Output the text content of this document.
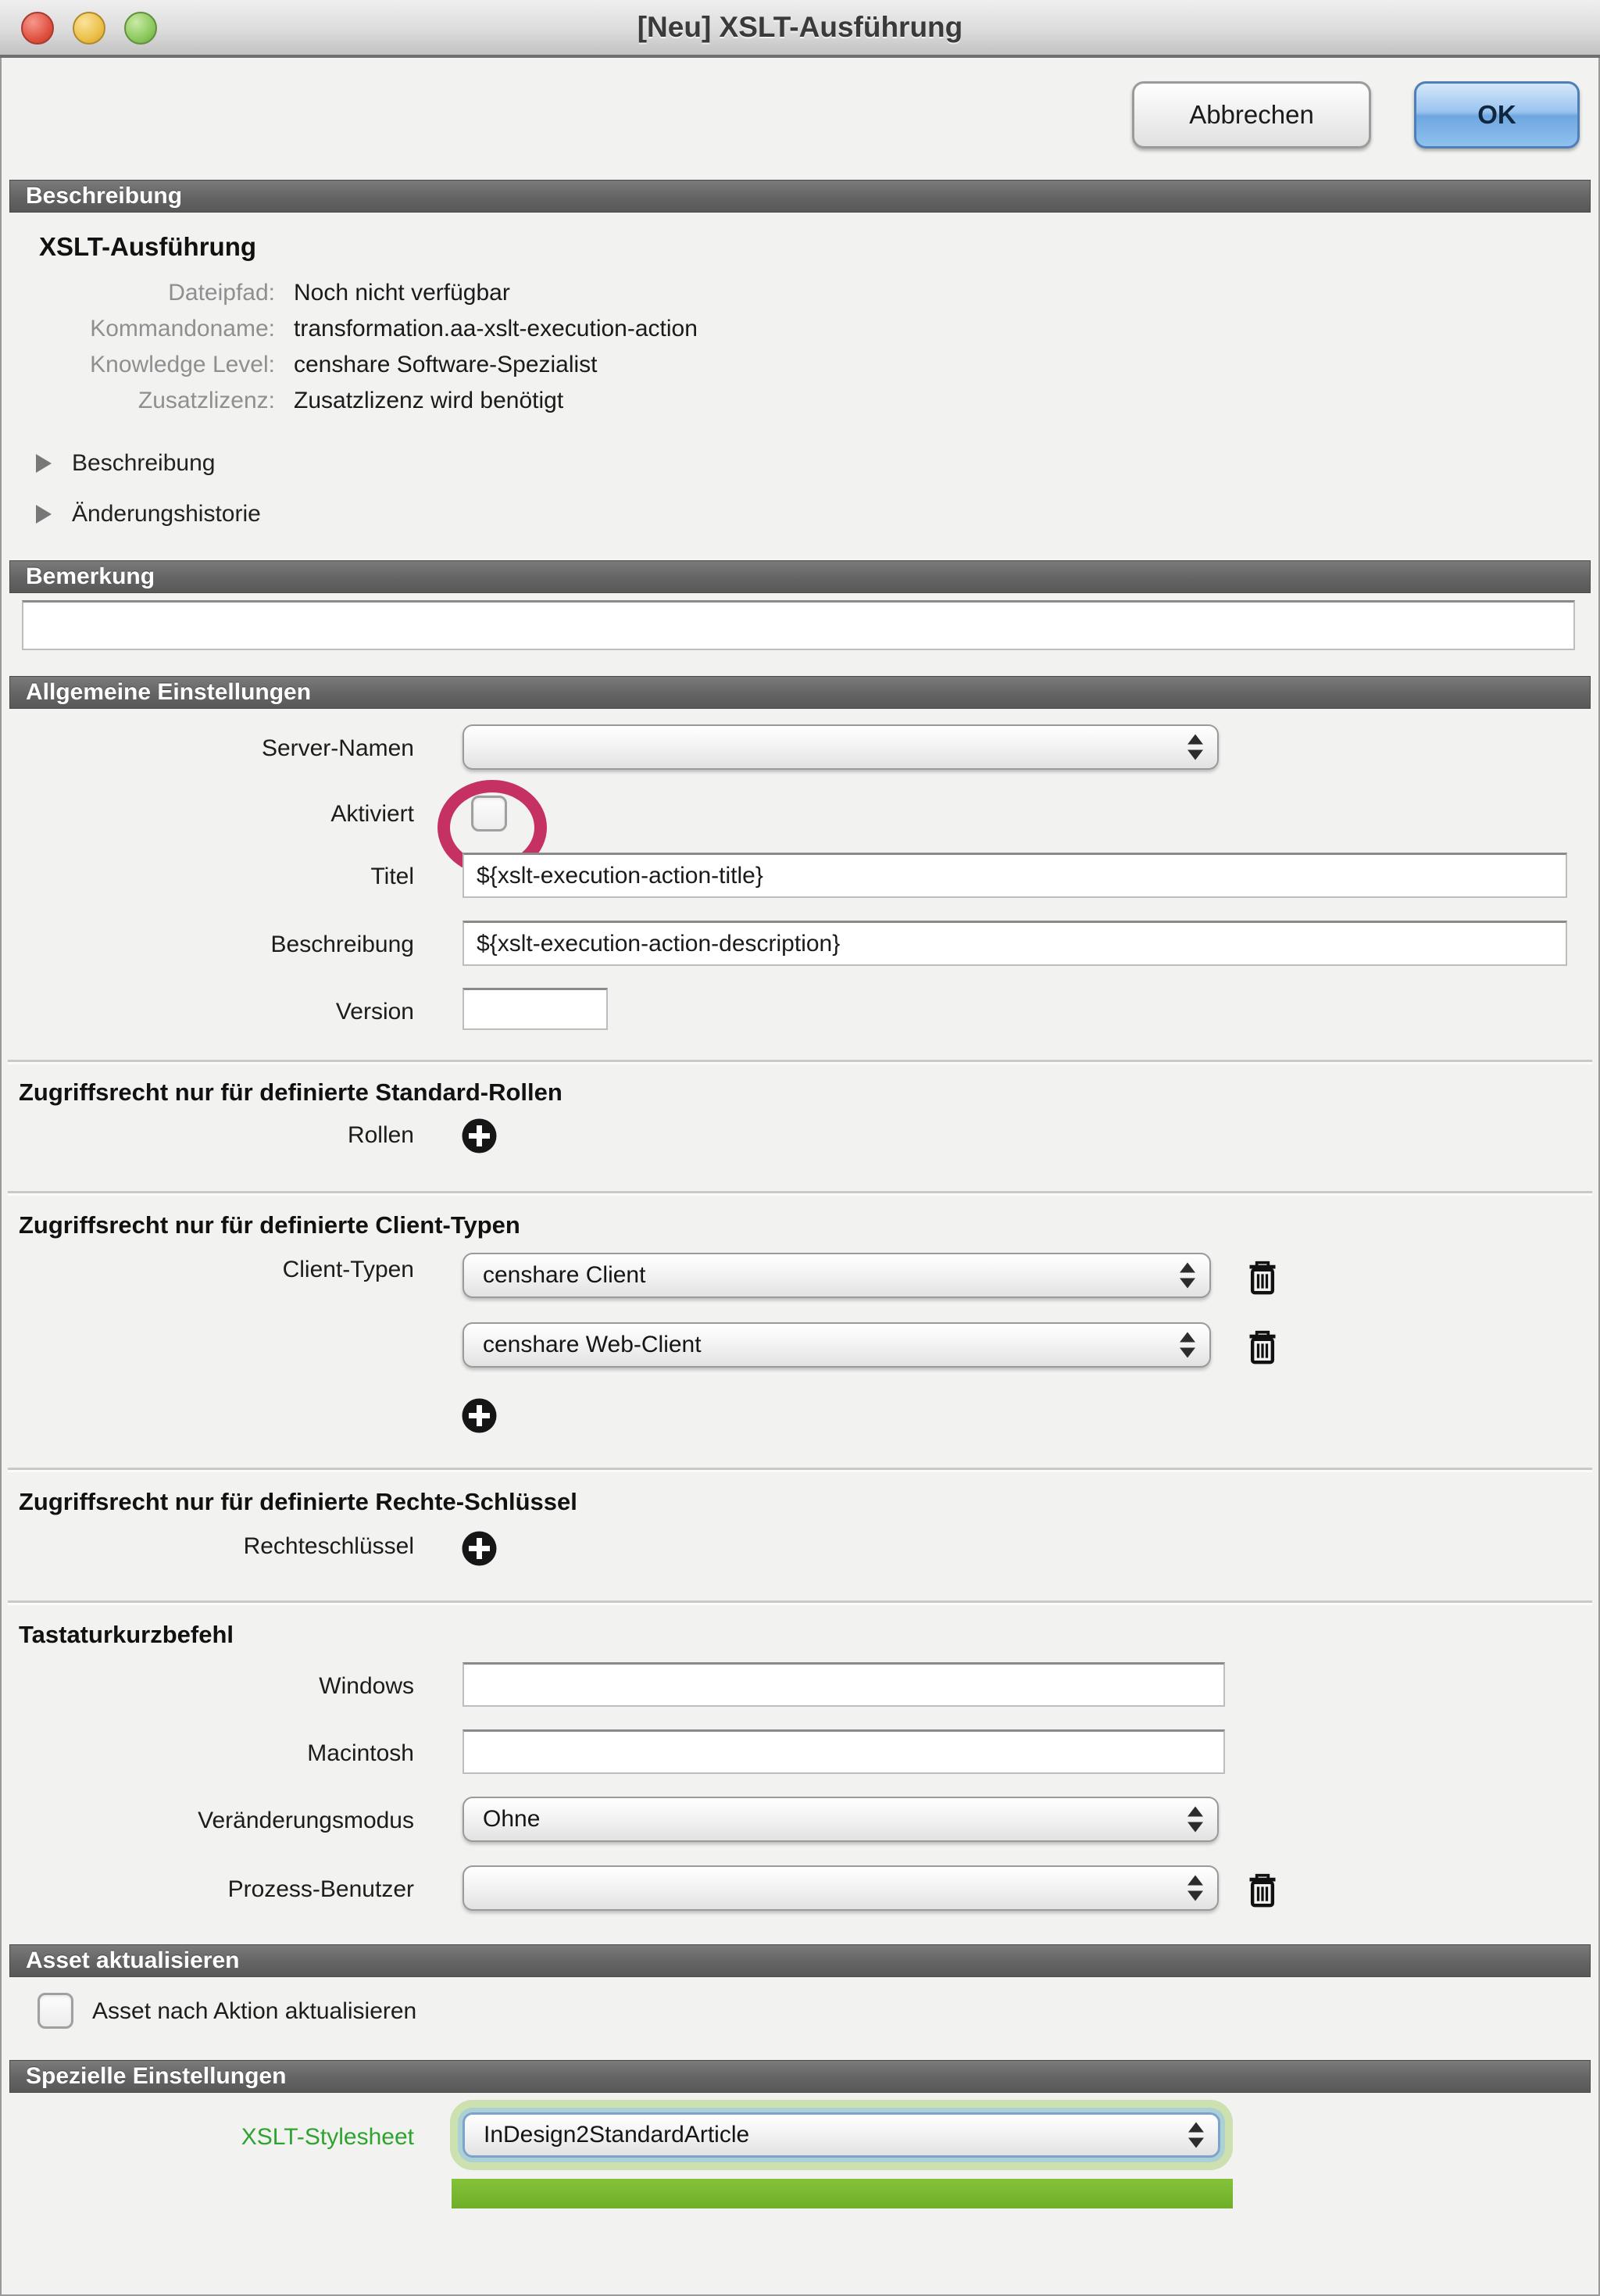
[Neu] XSLT-Ausführung
Abbrechen	OK
Beschreibung
XSLT-Ausführung
Dateipfad: Noch nicht verfügbar
Kommandoname: transformation.aa-xslt-execution-action
Knowledge Level: censhare Software-Spezialist
Zusatzlizenz: Zusatzlizenz wird benötigt
Beschreibung
Änderungshistorie
Bemerkung
Allgemeine Einstellungen
Server-Namen
Aktiviert
Titel	${xslt-execution-action-title}
Beschreibung	${xslt-execution-action-description}
Version
Zugriffsrecht nur für definierte Standard-Rollen
Rollen
Zugriffsrecht nur für definierte Client-Typen
Client-Typen	censhare Client
censhare Web-Client
Zugriffsrecht nur für definierte Rechte-Schlüssel
Rechteschlüssel
Tastaturkurzbefehl
Windows
Macintosh
Veränderungsmodus	Ohne
Prozess-Benutzer
Asset aktualisieren
Asset nach Aktion aktualisieren
Spezielle Einstellungen
XSLT-Stylesheet	InDesign2StandardArticle
